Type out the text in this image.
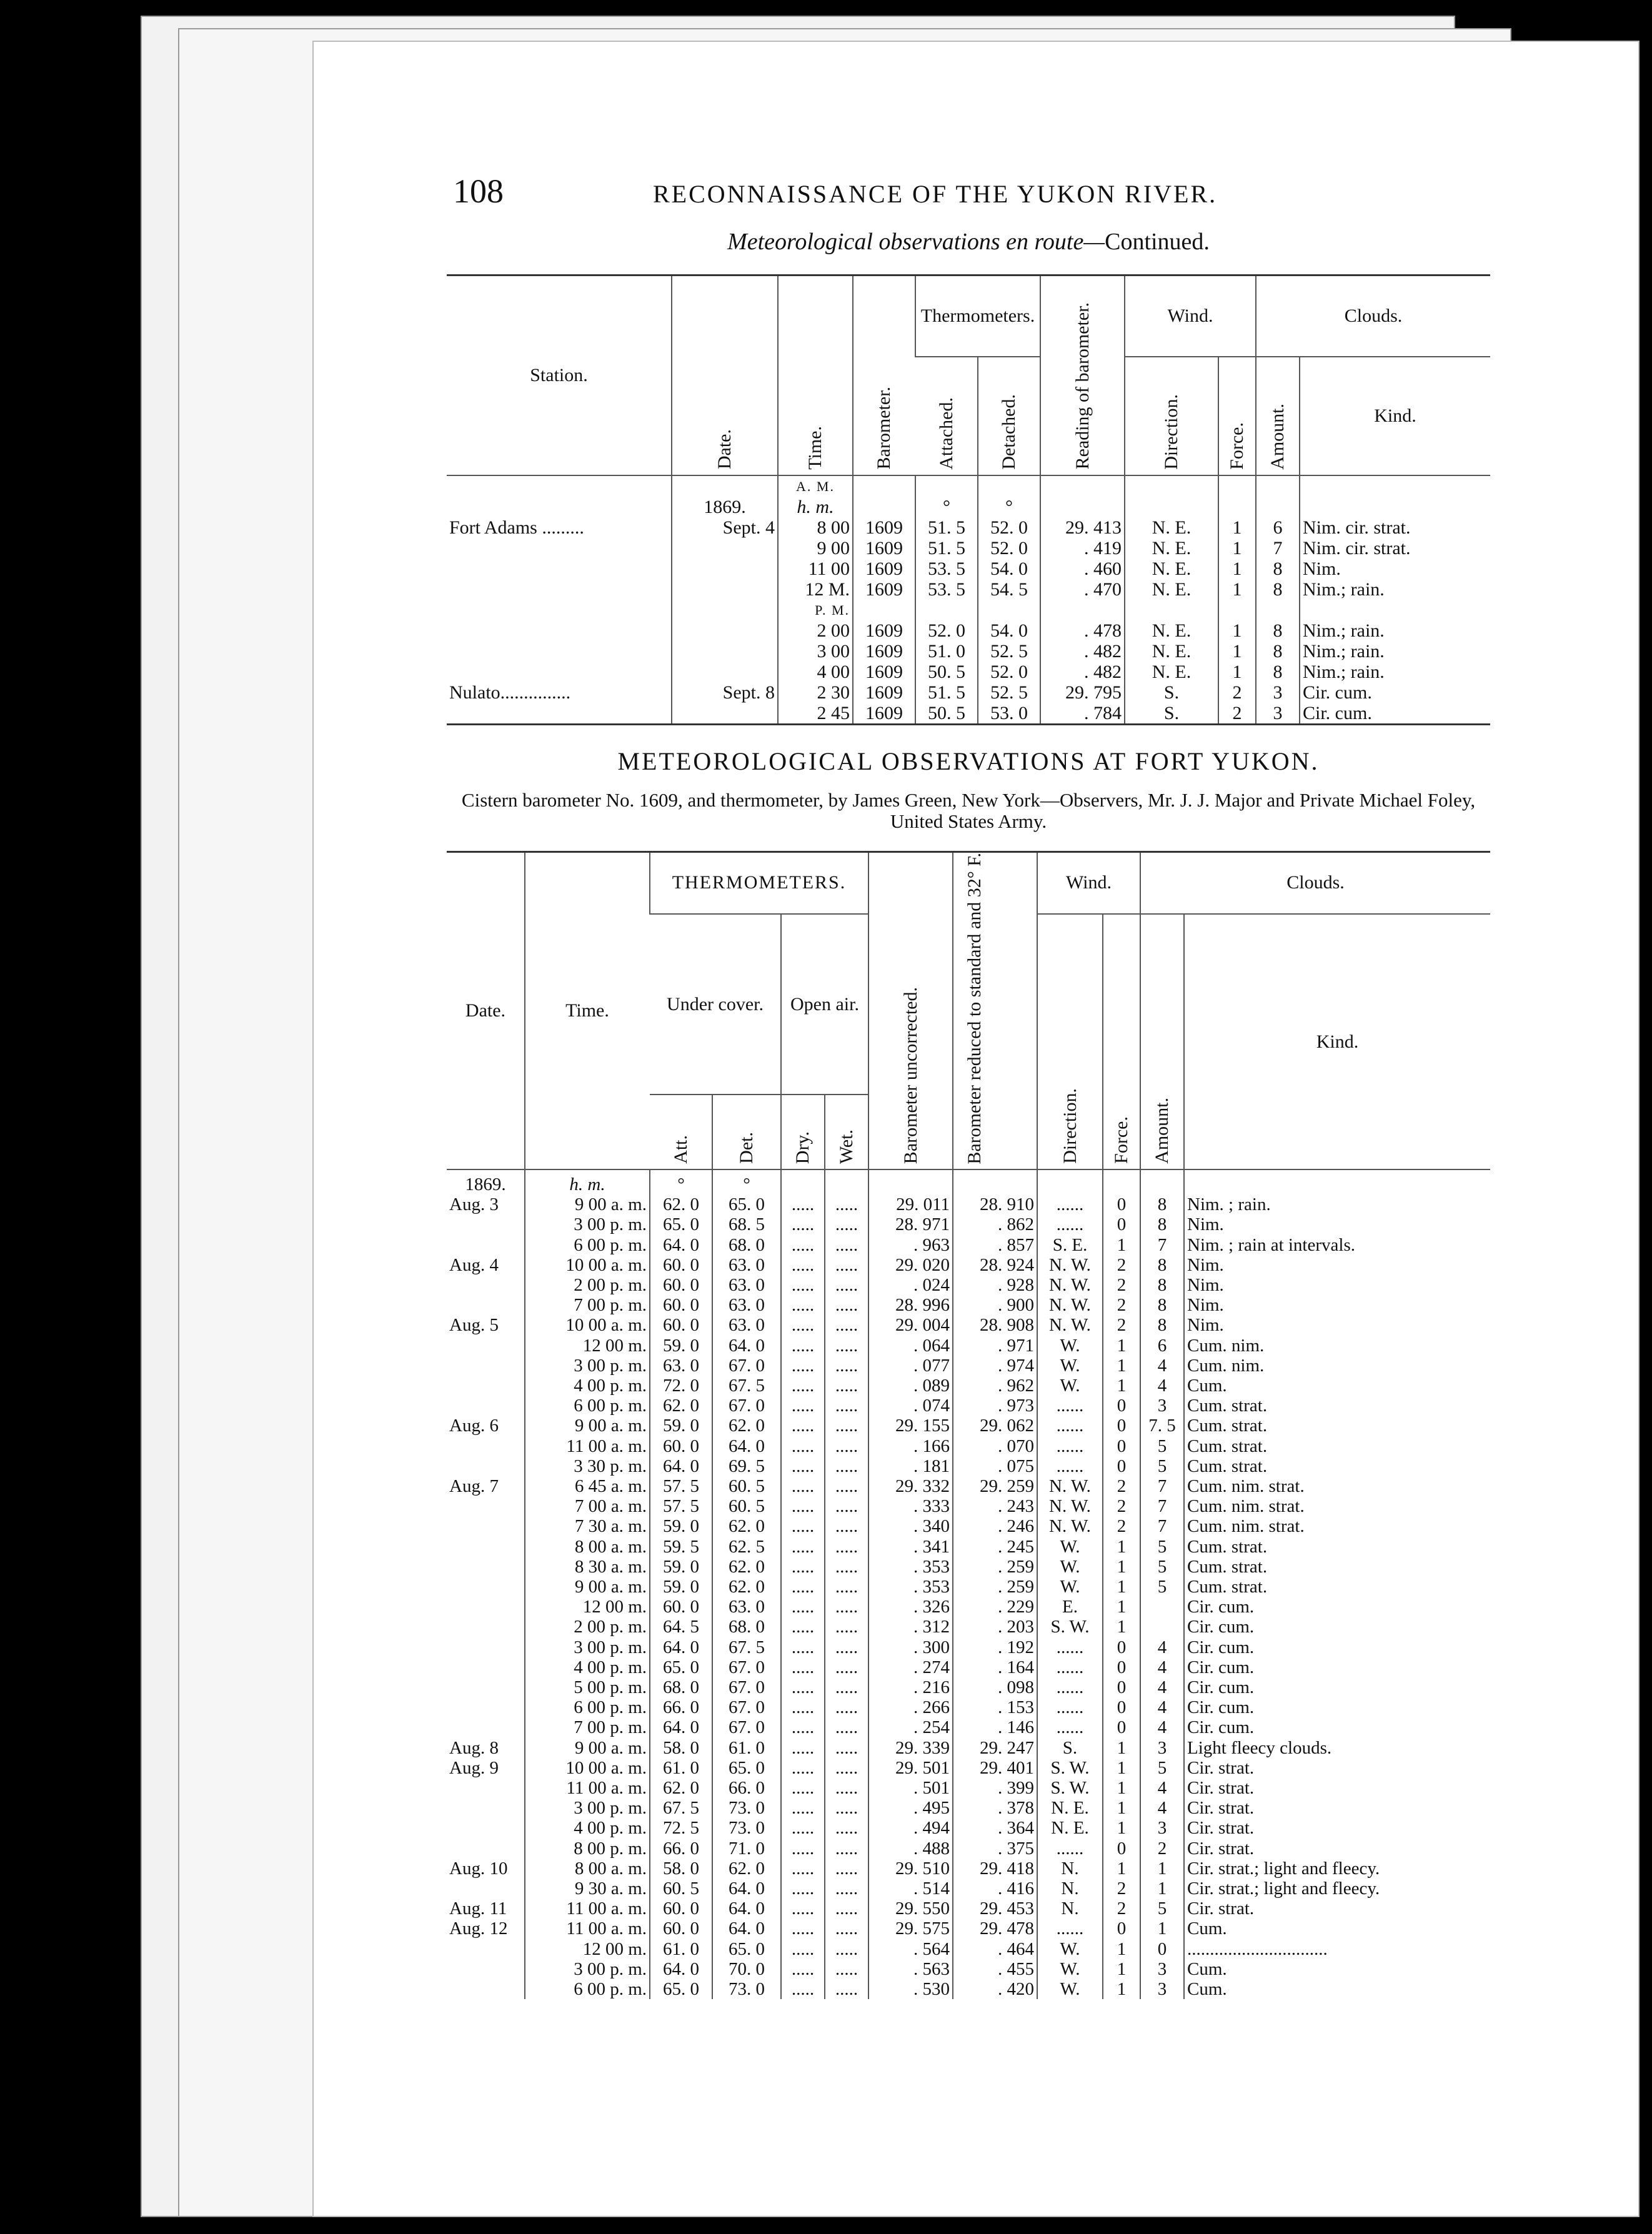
108	RECONNAISSANCE OF THE YUKON RIVER.
Meteorological observations en route—Continued.
Station.	Date.	Time.	Barometer.	Thermometers.		Reading of barometer.	Wind.		Clouds.	
				Attached.	Detached.		Direction.	Force.	Amount.	Kind.
		A. M.								
	1869.	h. m.		°	°					
Fort Adams .........	Sept. 4	8 00	1609	51. 5	52. 0	29. 413	N. E.	1	6	Nim. cir. strat.
		9 00	1609	51. 5	52. 0	. 419	N. E.	1	7	Nim. cir. strat.
		11 00	1609	53. 5	54. 0	. 460	N. E.	1	8	Nim.
		12 M.	1609	53. 5	54. 5	. 470	N. E.	1	8	Nim.; rain.
		P. M.								
		2 00	1609	52. 0	54. 0	. 478	N. E.	1	8	Nim.; rain.
		3 00	1609	51. 0	52. 5	. 482	N. E.	1	8	Nim.; rain.
		4 00	1609	50. 5	52. 0	. 482	N. E.	1	8	Nim.; rain.
Nulato...............	Sept. 8	2 30	1609	51. 5	52. 5	29. 795	S.	2	3	Cir. cum.
		2 45	1609	50. 5	53. 0	. 784	S.	2	3	Cir. cum.
METEOROLOGICAL OBSERVATIONS AT FORT YUKON.
Cistern barometer No. 1609, and thermometer, by James Green, New York—Observers, Mr. J. J. Major and Private Michael Foley, United States Army.
Date.	Time.	THERMOMETERS.				Barometer uncorrected.	Barometer reduced to standard and 32° F.	Wind.		Clouds.	
		Under cover.		Open air.				Direction.	Force.	Amount.	Kind.
		Att.	Det.	Dry.	Wet.						
1869.	h. m.	°	°								
Aug. 3	9 00 a. m.	62. 0	65. 0	.....	.....	29. 011	28. 910	......	0	8	Nim. ; rain.
	3 00 p. m.	65. 0	68. 5	.....	.....	28. 971	. 862	......	0	8	Nim.
	6 00 p. m.	64. 0	68. 0	.....	.....	. 963	. 857	S. E.	1	7	Nim. ; rain at intervals.
Aug. 4	10 00 a. m.	60. 0	63. 0	.....	.....	29. 020	28. 924	N. W.	2	8	Nim.
	2 00 p. m.	60. 0	63. 0	.....	.....	. 024	. 928	N. W.	2	8	Nim.
	7 00 p. m.	60. 0	63. 0	.....	.....	28. 996	. 900	N. W.	2	8	Nim.
Aug. 5	10 00 a. m.	60. 0	63. 0	.....	.....	29. 004	28. 908	N. W.	2	8	Nim.
	12 00 m.	59. 0	64. 0	.....	.....	. 064	. 971	W.	1	6	Cum. nim.
	3 00 p. m.	63. 0	67. 0	.....	.....	. 077	. 974	W.	1	4	Cum. nim.
	4 00 p. m.	72. 0	67. 5	.....	.....	. 089	. 962	W.	1	4	Cum.
	6 00 p. m.	62. 0	67. 0	.....	.....	. 074	. 973	......	0	3	Cum. strat.
Aug. 6	9 00 a. m.	59. 0	62. 0	.....	.....	29. 155	29. 062	......	0	7. 5	Cum. strat.
	11 00 a. m.	60. 0	64. 0	.....	.....	. 166	. 070	......	0	5	Cum. strat.
	3 30 p. m.	64. 0	69. 5	.....	.....	. 181	. 075	......	0	5	Cum. strat.
Aug. 7	6 45 a. m.	57. 5	60. 5	.....	.....	29. 332	29. 259	N. W.	2	7	Cum. nim. strat.
	7 00 a. m.	57. 5	60. 5	.....	.....	. 333	. 243	N. W.	2	7	Cum. nim. strat.
	7 30 a. m.	59. 0	62. 0	.....	.....	. 340	. 246	N. W.	2	7	Cum. nim. strat.
	8 00 a. m.	59. 5	62. 5	.....	.....	. 341	. 245	W.	1	5	Cum. strat.
	8 30 a. m.	59. 0	62. 0	.....	.....	. 353	. 259	W.	1	5	Cum. strat.
	9 00 a. m.	59. 0	62. 0	.....	.....	. 353	. 259	W.	1	5	Cum. strat.
	12 00 m.	60. 0	63. 0	.....	.....	. 326	. 229	E.	1		Cir. cum.
	2 00 p. m.	64. 5	68. 0	.....	.....	. 312	. 203	S. W.	1		Cir. cum.
	3 00 p. m.	64. 0	67. 5	.....	.....	. 300	. 192	......	0	4	Cir. cum.
	4 00 p. m.	65. 0	67. 0	.....	.....	. 274	. 164	......	0	4	Cir. cum.
	5 00 p. m.	68. 0	67. 0	.....	.....	. 216	. 098	......	0	4	Cir. cum.
	6 00 p. m.	66. 0	67. 0	.....	.....	. 266	. 153	......	0	4	Cir. cum.
	7 00 p. m.	64. 0	67. 0	.....	.....	. 254	. 146	......	0	4	Cir. cum.
Aug. 8	9 00 a. m.	58. 0	61. 0	.....	.....	29. 339	29. 247	S.	1	3	Light fleecy clouds.
Aug. 9	10 00 a. m.	61. 0	65. 0	.....	.....	29. 501	29. 401	S. W.	1	5	Cir. strat.
	11 00 a. m.	62. 0	66. 0	.....	.....	. 501	. 399	S. W.	1	4	Cir. strat.
	3 00 p. m.	67. 5	73. 0	.....	.....	. 495	. 378	N. E.	1	4	Cir. strat.
	4 00 p. m.	72. 5	73. 0	.....	.....	. 494	. 364	N. E.	1	3	Cir. strat.
	8 00 p. m.	66. 0	71. 0	.....	.....	. 488	. 375	......	0	2	Cir. strat.
Aug. 10	8 00 a. m.	58. 0	62. 0	.....	.....	29. 510	29. 418	N.	1	1	Cir. strat.; light and fleecy.
	9 30 a. m.	60. 5	64. 0	.....	.....	. 514	. 416	N.	2	1	Cir. strat.; light and fleecy.
Aug. 11	11 00 a. m.	60. 0	64. 0	.....	.....	29. 550	29. 453	N.	2	5	Cir. strat.
Aug. 12	11 00 a. m.	60. 0	64. 0	.....	.....	29. 575	29. 478	......	0	1	Cum.
	12 00 m.	61. 0	65. 0	.....	.....	. 564	. 464	W.	1	0	...............................
	3 00 p. m.	64. 0	70. 0	.....	.....	. 563	. 455	W.	1	3	Cum.
	6 00 p. m.	65. 0	73. 0	.....	.....	. 530	. 420	W.	1	3	Cum.
